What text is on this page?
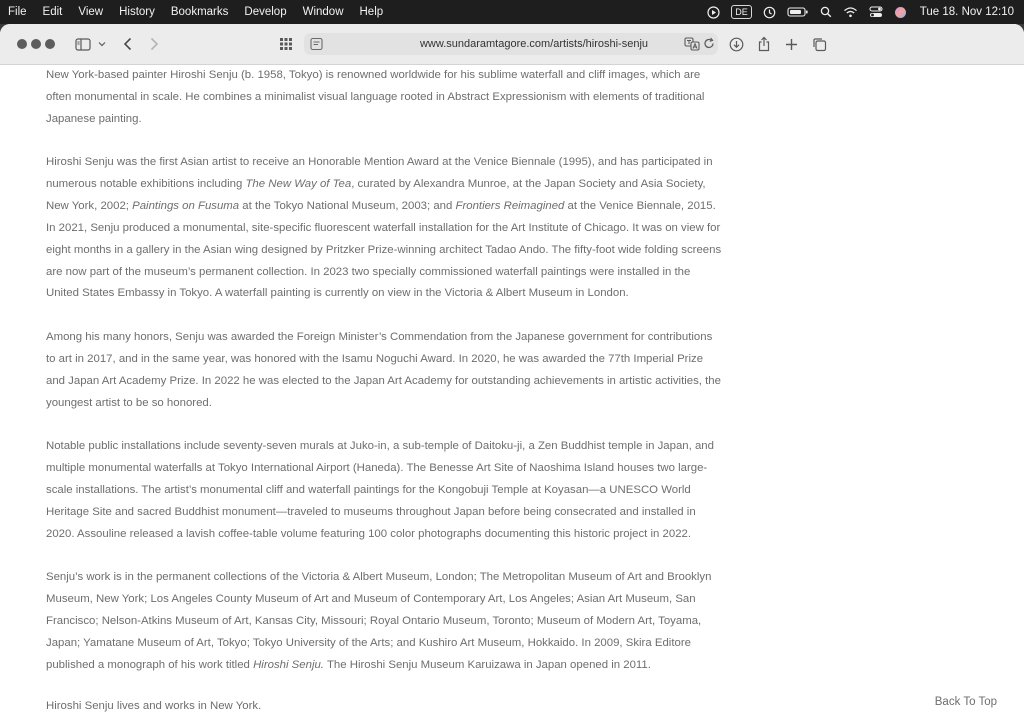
File	Edit	View	History	Bookmarks	Develop	Window	Help	DE	Tue 18. Nov 12:10
www.sundaramtagore.com/artists/hiroshi-senju

New York-based painter Hiroshi Senju (b. 1958, Tokyo) is renowned worldwide for his sublime waterfall and cliff images, which are often monumental in scale. He combines a minimalist visual language rooted in Abstract Expressionism with elements of traditional Japanese painting.

Hiroshi Senju was the first Asian artist to receive an Honorable Mention Award at the Venice Biennale (1995), and has participated in numerous notable exhibitions including The New Way of Tea, curated by Alexandra Munroe, at the Japan Society and Asia Society, New York, 2002; Paintings on Fusuma at the Tokyo National Museum, 2003; and Frontiers Reimagined at the Venice Biennale, 2015. In 2021, Senju produced a monumental, site-specific fluorescent waterfall installation for the Art Institute of Chicago. It was on view for eight months in a gallery in the Asian wing designed by Pritzker Prize-winning architect Tadao Ando. The fifty-foot wide folding screens are now part of the museum’s permanent collection. In 2023 two specially commissioned waterfall paintings were installed in the United States Embassy in Tokyo. A waterfall painting is currently on view in the Victoria & Albert Museum in London.

Among his many honors, Senju was awarded the Foreign Minister’s Commendation from the Japanese government for contributions to art in 2017, and in the same year, was honored with the Isamu Noguchi Award. In 2020, he was awarded the 77th Imperial Prize and Japan Art Academy Prize. In 2022 he was elected to the Japan Art Academy for outstanding achievements in artistic activities, the youngest artist to be so honored.

Notable public installations include seventy-seven murals at Juko-in, a sub-temple of Daitoku-ji, a Zen Buddhist temple in Japan, and multiple monumental waterfalls at Tokyo International Airport (Haneda). The Benesse Art Site of Naoshima Island houses two large-scale installations. The artist’s monumental cliff and waterfall paintings for the Kongobuji Temple at Koyasan—a UNESCO World Heritage Site and sacred Buddhist monument—traveled to museums throughout Japan before being consecrated and installed in 2020. Assouline released a lavish coffee-table volume featuring 100 color photographs documenting this historic project in 2022.

Senju’s work is in the permanent collections of the Victoria & Albert Museum, London; The Metropolitan Museum of Art and Brooklyn Museum, New York; Los Angeles County Museum of Art and Museum of Contemporary Art, Los Angeles; Asian Art Museum, San Francisco; Nelson-Atkins Museum of Art, Kansas City, Missouri; Royal Ontario Museum, Toronto; Museum of Modern Art, Toyama, Japan; Yamatane Museum of Art, Tokyo; Tokyo University of the Arts; and Kushiro Art Museum, Hokkaido. In 2009, Skira Editore published a monograph of his work titled Hiroshi Senju. The Hiroshi Senju Museum Karuizawa in Japan opened in 2011.

Hiroshi Senju lives and works in New York.	Back To Top
